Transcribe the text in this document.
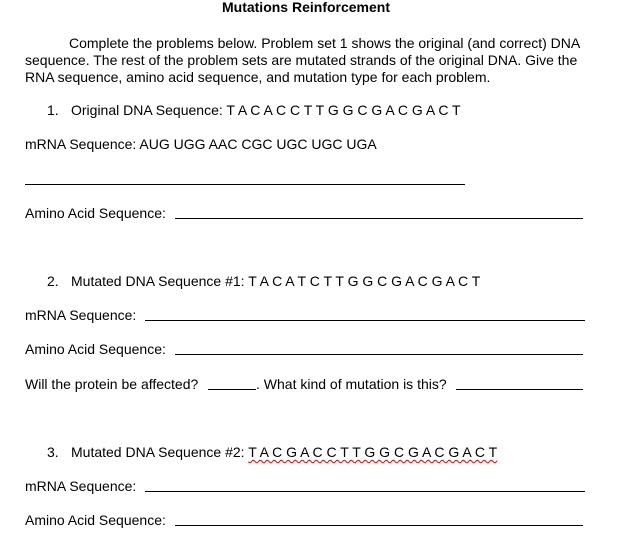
Mutations Reinforcement
Complete the problems below. Problem set 1 shows the original (and correct) DNA sequence. The rest of the problem sets are mutated strands of the original DNA. Give the RNA sequence, amino acid sequence, and mutation type for each problem.
1. Original DNA Sequence: T A C A C C T T G G C G A C G A C T
mRNA Sequence: AUG UGG AAC CGC UGC UGC UGA
Amino Acid Sequence:
2. Mutated DNA Sequence #1: T A C A T C T T G G C G A C G A C T
mRNA Sequence:
Amino Acid Sequence:
Will the protein be affected?	. What kind of mutation is this?
3. Mutated DNA Sequence #2: T A C G A C C T T G G C G A C G A C T
mRNA Sequence:
Amino Acid Sequence:
